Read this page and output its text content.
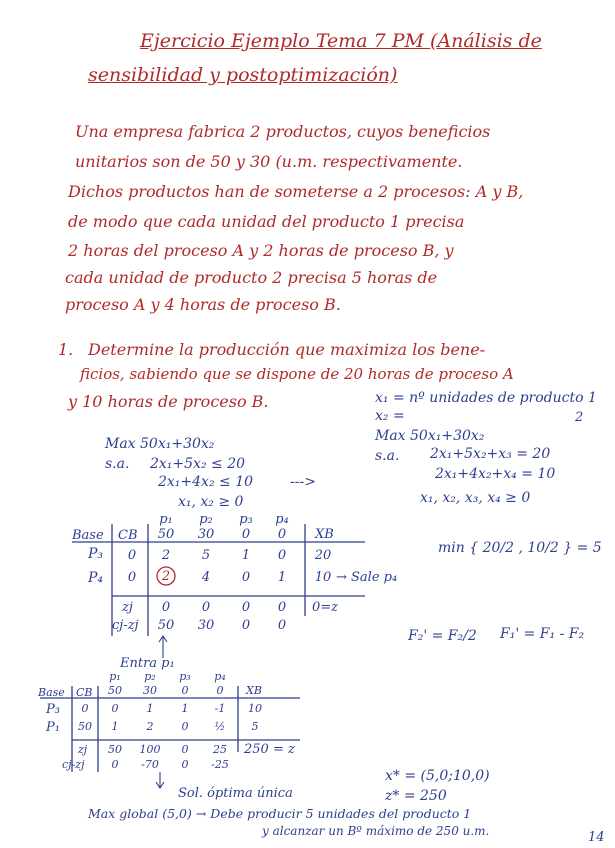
Ejercicio Ejemplo Tema 7 PM (Análisis de
sensibilidad y postoptimización)
Una empresa fabrica 2 productos, cuyos beneficios
unitarios son de 50 y 30 (u.m. respectivamente.
Dichos productos han de someterse a 2 procesos: A y B,
de modo que cada unidad del producto 1 precisa
2 horas del proceso A y 2 horas de proceso B, y
cada unidad de producto 2 precisa 5 horas de
proceso A y 4 horas de proceso B.
1. Determine la producción que maximiza los bene-
ficios, sabiendo que se dispone de 20 horas de proceso A
y 10 horas de proceso B.	x₁ = nº unidades de producto 1
x₂ =	2
Max 50x₁+30x₂
s.a. 2x₁+5x₂ ≤ 20
2x₁+4x₂ ≤ 10	--->
x₁, x₂ ≥ 0
Max 50x₁+30x₂
s.a. 2x₁+5x₂+x₃ = 20
2x₁+4x₂+x₄ = 10
x₁, x₂, x₃, x₄ ≥ 0
p₁	p₂	p₃	p₄
Base CB	50	30	0	0	XB
P₃	0	2	5	1	0	20
P₄	0	2	4	0	1	10 → Sale p₄
zj	0	0	0	0	0=z
cj-zj	50	30	0	0
min { 20/2 , 10/2 } = 5
F₂' = F₂/2 F₁' = F₁ - F₂
Entra p₁
p₁	p₂	p₃	p₄
Base CB	50	30	0	0	XB
P₃	0	0	1	1	-1	10
P₁	50	1	2	0	½	5
zj	50	100	0	25	250 = z
cj-zj	0	-70	0	-25
Sol. óptima única
x* = (5,0;10,0)
z* = 250
Max global (5,0) → Debe producir 5 unidades del producto 1
y alcanzar un Bº máximo de 250 u.m.	14
